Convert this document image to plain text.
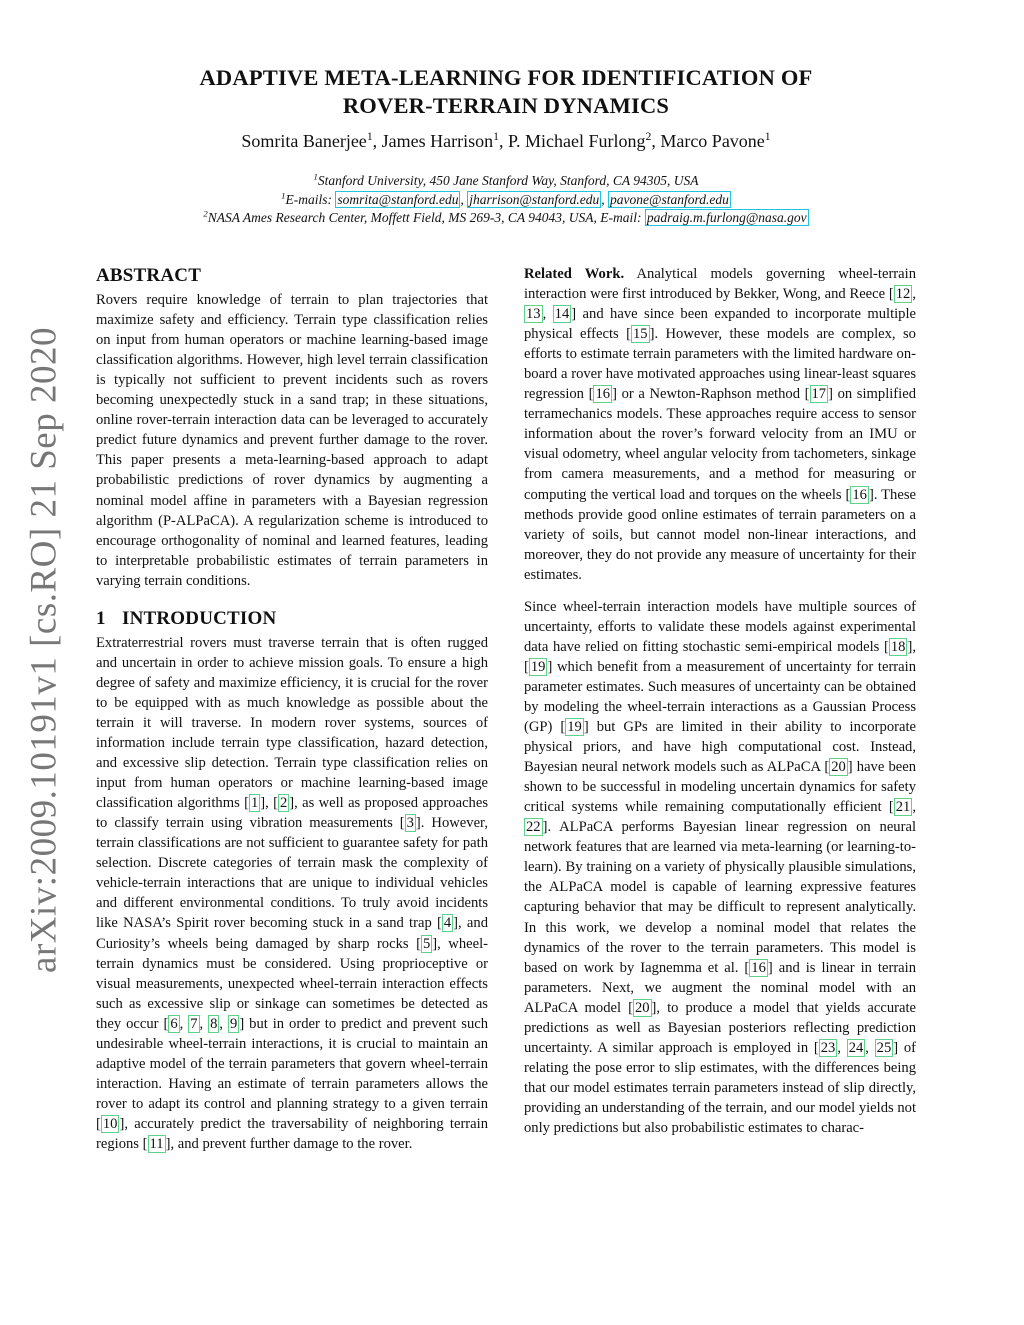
arXiv:2009.10191v1 [cs.RO] 21 Sep 2020
ADAPTIVE META-LEARNING FOR IDENTIFICATION OF
ROVER-TERRAIN DYNAMICS
Somrita Banerjee$^1$, James Harrison$^1$, P. Michael Furlong$^2$, Marco Pavone$^1$
$^1$Stanford University, 450 Jane Stanford Way, Stanford, CA 94305, USA
$^1$E-mails: somrita@stanford.edu , jharrison@stanford.edu , pavone@stanford.edu
$^2$NASA Ames Research Center, Moffett Field, MS 269-3, CA 94043, USA, E-mail: padraig.m.furlong@nasa.gov
ABSTRACT

Rovers require knowledge of terrain to plan trajectories that maximize safety and efficiency. Terrain type classification relies on input from human operators or machine learning-based image classification algorithms. However, high level terrain classification is typically not sufficient to prevent incidents such as rovers becoming unexpectedly stuck in a sand trap; in these situations, online rover-terrain interaction data can be leveraged to accurately predict future dynamics and prevent further damage to the rover. This paper presents a meta-learning-based approach to adapt probabilistic predictions of rover dynamics by augmenting a nominal model affine in parameters with a Bayesian regression algorithm (P-ALPaCA). A regularization scheme is introduced to encourage orthogonality of nominal and learned features, leading to interpretable probabilistic estimates of terrain parameters in varying terrain conditions.

1 INTRODUCTION

Extraterrestrial rovers must traverse terrain that is often rugged and uncertain in order to achieve mission goals. To ensure a high degree of safety and maximize efficiency, it is crucial for the rover to be equipped with as much knowledge as possible about the terrain it will traverse. In modern rover systems, sources of information include terrain type classification, hazard detection, and excessive slip detection. Terrain type classification relies on input from human operators or machine learning-based image classification algorithms [ 1 ], [ 2 ], as well as proposed approaches to classify terrain using vibration measurements [ 3 ]. However, terrain classifications are not sufficient to guarantee safety for path selection. Discrete categories of terrain mask the complexity of vehicle-terrain interactions that are unique to individual vehicles and different environmental conditions. To truly avoid incidents like NASA’s Spirit rover becoming stuck in a sand trap [ 4 ], and Curiosity’s wheels being damaged by sharp rocks [ 5 ], wheel-terrain dynamics must be considered. Using proprioceptive or visual measurements, unexpected wheel-terrain interaction effects such as excessive slip or sinkage can sometimes be detected as they occur [ 6 , 7 , 8 , 9 ] but in order to predict and prevent such undesirable wheel-terrain interactions, it is crucial to maintain an adaptive model of the terrain parameters that govern wheel-terrain interaction. Having an estimate of terrain parameters allows the rover to adapt its control and planning strategy to a given terrain [ 10 ], accurately predict the traversability of neighboring terrain regions [ 11 ], and prevent further damage to the rover.

Related Work. Analytical models governing wheel-terrain interaction were first introduced by Bekker, Wong, and Reece [ 12 , 13 , 14 ] and have since been expanded to incorporate multiple physical effects [ 15 ]. However, these models are complex, so efforts to estimate terrain parameters with the limited hardware on-board a rover have motivated approaches using linear-least squares regression [ 16 ] or a Newton-Raphson method [ 17 ] on simplified terramechanics models. These approaches require access to sensor information about the rover’s forward velocity from an IMU or visual odometry, wheel angular velocity from tachometers, sinkage from camera measurements, and a method for measuring or computing the vertical load and torques on the wheels [ 16 ]. These methods provide good online estimates of terrain parameters on a variety of soils, but cannot model non-linear interactions, and moreover, they do not provide any measure of uncertainty for their estimates.

Since wheel-terrain interaction models have multiple sources of uncertainty, efforts to validate these models against experimental data have relied on fitting stochastic semi-empirical models [ 18 ], [ 19 ] which benefit from a measurement of uncertainty for terrain parameter estimates. Such measures of uncertainty can be obtained by modeling the wheel-terrain interactions as a Gaussian Process (GP) [ 19 ] but GPs are limited in their ability to incorporate physical priors, and have high computational cost. Instead, Bayesian neural network models such as ALPaCA [ 20 ] have been shown to be successful in modeling uncertain dynamics for safety critical systems while remaining computationally efficient [ 21 , 22 ]. ALPaCA performs Bayesian linear regression on neural network features that are learned via meta-learning (or learning-to-learn). By training on a variety of physically plausible simulations, the ALPaCA model is capable of learning expressive features capturing behavior that may be difficult to represent analytically. In this work, we develop a nominal model that relates the dynamics of the rover to the terrain parameters. This model is based on work by Iagnemma et al. [ 16 ] and is linear in terrain parameters. Next, we augment the nominal model with an ALPaCA model [ 20 ], to produce a model that yields accurate predictions as well as Bayesian posteriors reflecting prediction uncertainty. A similar approach is employed in [ 23 , 24 , 25 ] of relating the pose error to slip estimates, with the differences being that our model estimates terrain parameters instead of slip directly, providing an understanding of the terrain, and our model yields not only predictions but also probabilistic estimates to charac-
